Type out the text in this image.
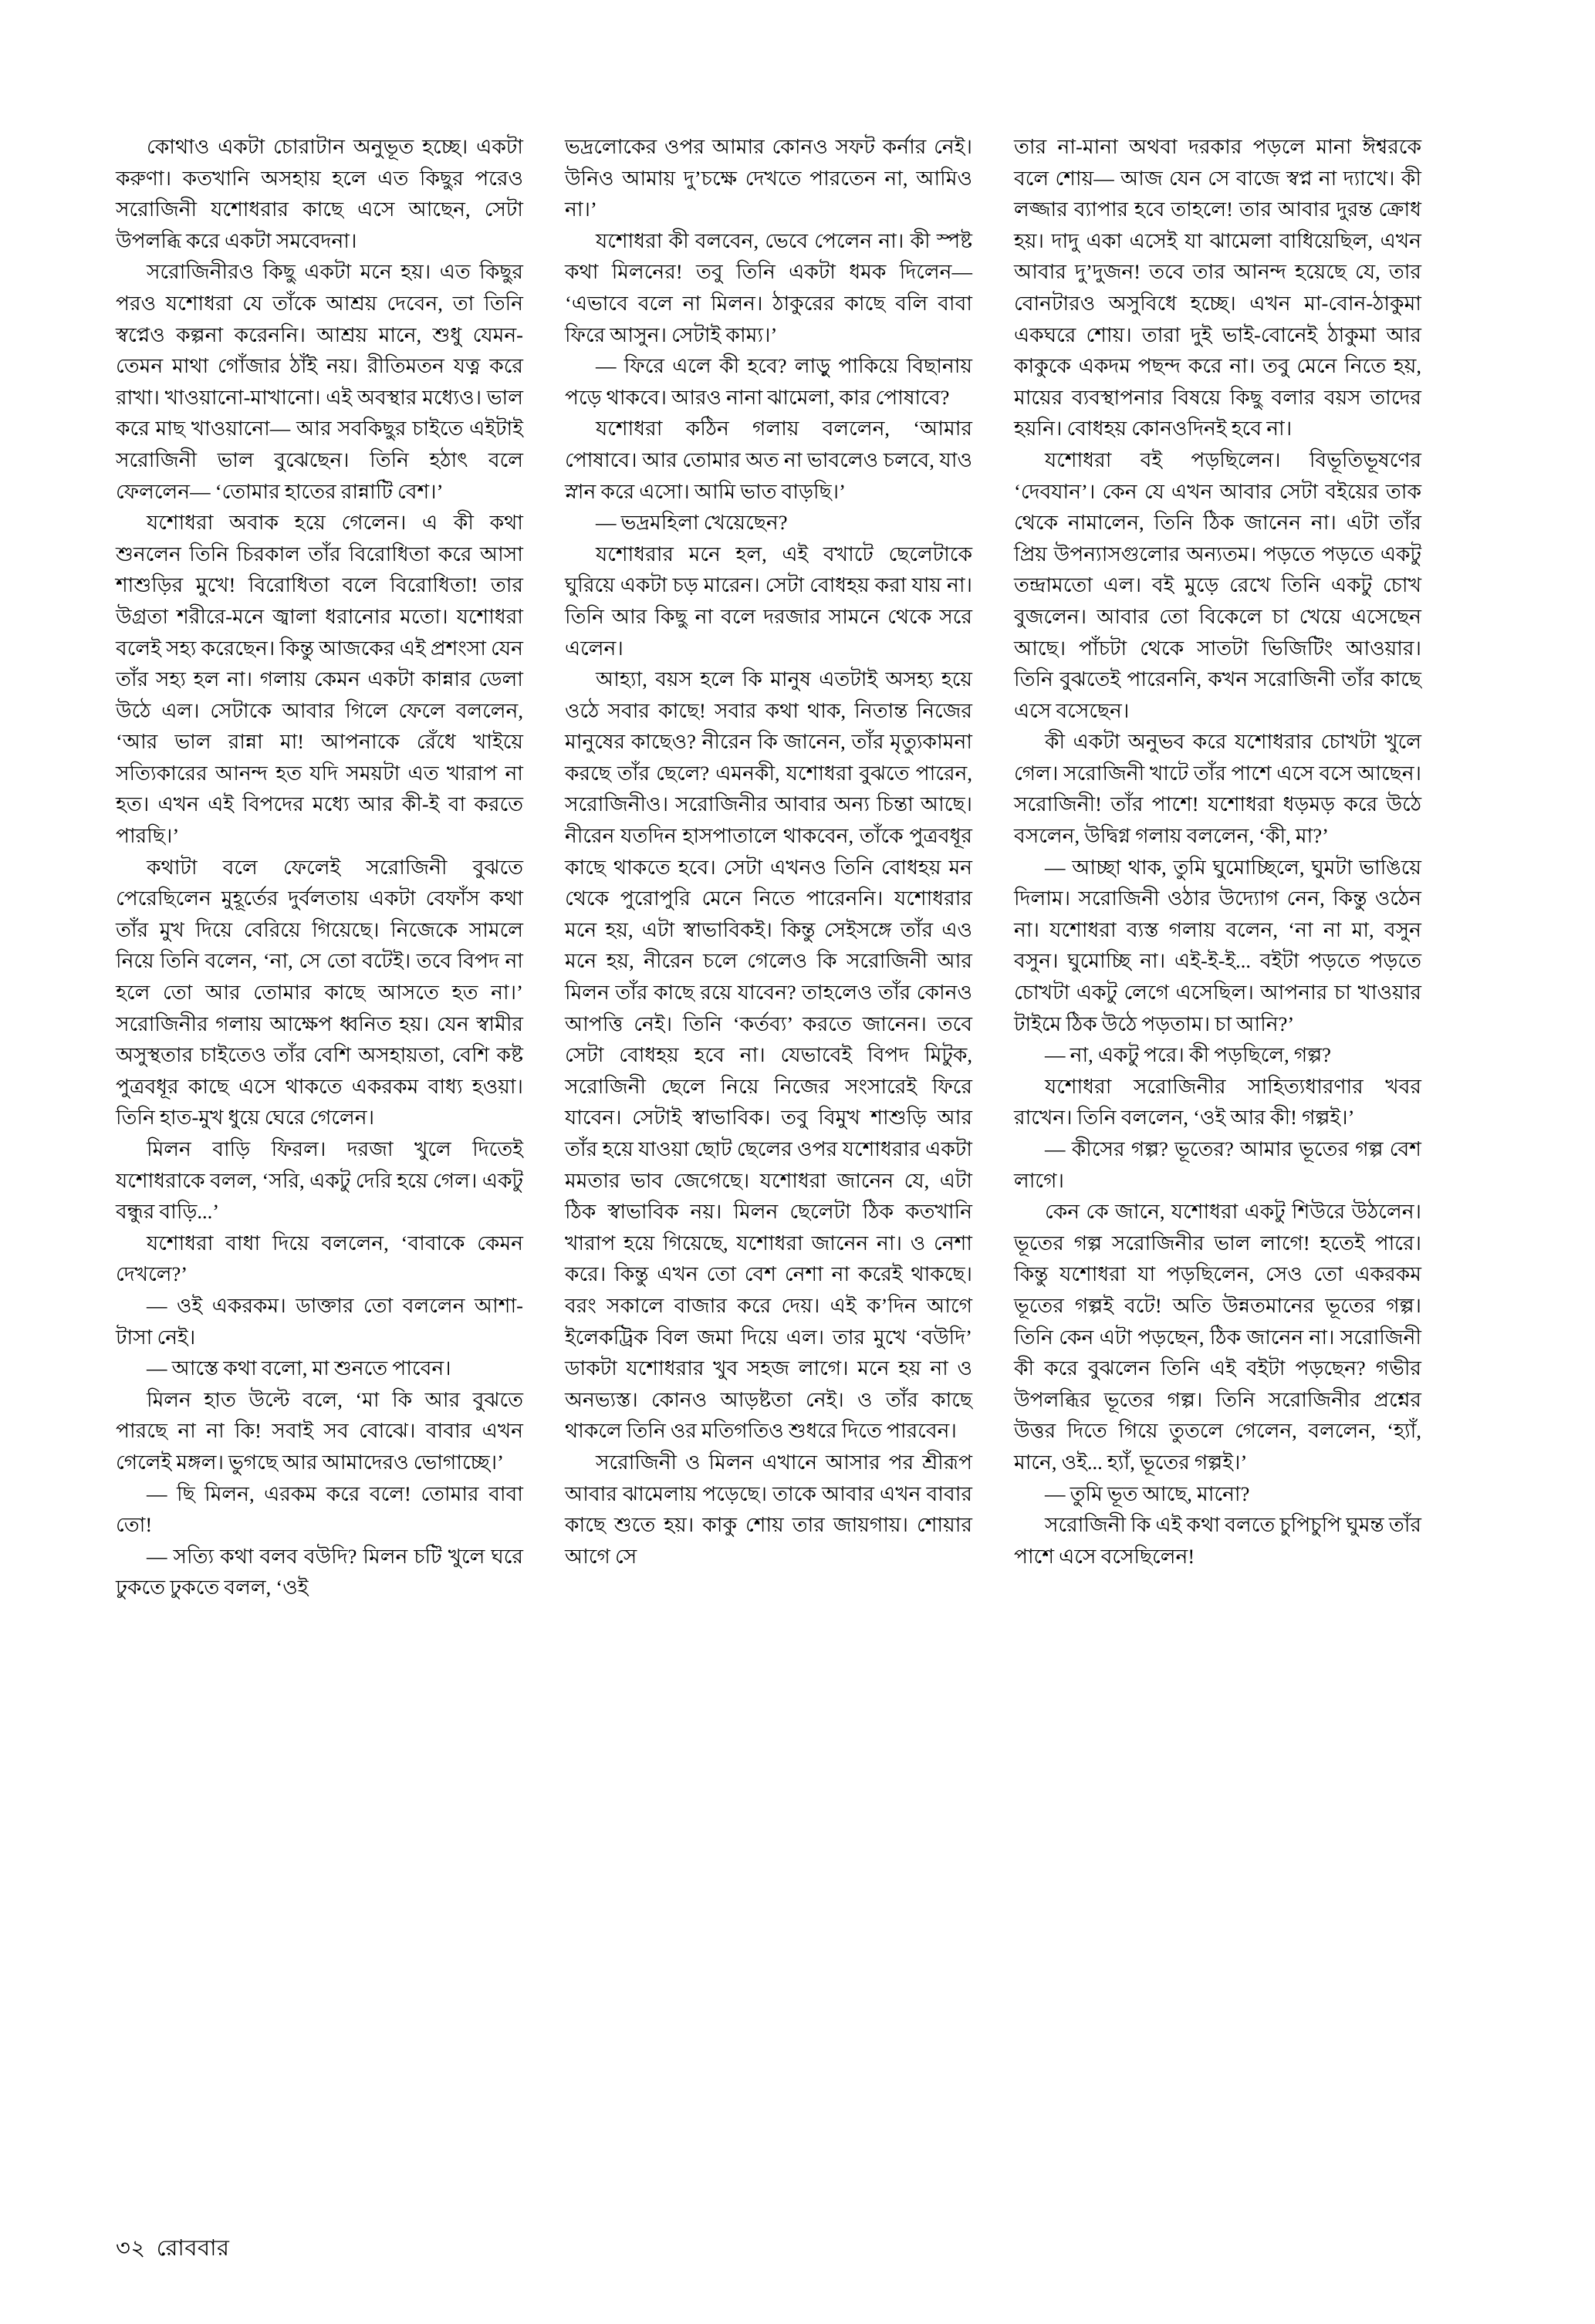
কোথাও একটা চোরাটান অনুভূত হচ্ছে। একটা করুণা। কতখানি অসহায় হলে এত কিছুর পরেও সরোজিনী যশোধরার কাছে এসে আছেন, সেটা উপলব্ধি করে একটা সমবেদনা।

সরোজিনীরও কিছু একটা মনে হয়। এত কিছুর পরও যশোধরা যে তাঁকে আশ্রয় দেবেন, তা তিনি স্বপ্নেও কল্পনা করেননি। আশ্রয় মানে, শুধু যেমন-তেমন মাথা গোঁজার ঠাঁই নয়। রীতিমতন যত্ন করে রাখা। খাওয়ানো-মাখানো। এই অবস্থার মধ্যেও। ভাল করে মাছ খাওয়ানো— আর সবকিছুর চাইতে এইটাই সরোজিনী ভাল বুঝেছেন। তিনি হঠাৎ বলে ফেললেন— ‘তোমার হাতের রান্নাটি বেশ।’

যশোধরা অবাক হয়ে গেলেন। এ কী কথা শুনলেন তিনি চিরকাল তাঁর বিরোধিতা করে আসা শাশুড়ির মুখে! বিরোধিতা বলে বিরোধিতা! তার উগ্রতা শরীরে-মনে জ্বালা ধরানোর মতো। যশোধরা বলেই সহ্য করেছেন। কিন্তু আজকের এই প্রশংসা যেন তাঁর সহ্য হল না। গলায় কেমন একটা কান্নার ডেলা উঠে এল। সেটাকে আবার গিলে ফেলে বললেন, ‘আর ভাল রান্না মা! আপনাকে রেঁধে খাইয়ে সত্যিকারের আনন্দ হত যদি সময়টা এত খারাপ না হত। এখন এই বিপদের মধ্যে আর কী-ই বা করতে পারছি।’

কথাটা বলে ফেলেই সরোজিনী বুঝতে পেরেছিলেন মুহূর্তের দুর্বলতায় একটা বেফাঁস কথা তাঁর মুখ দিয়ে বেরিয়ে গিয়েছে। নিজেকে সামলে নিয়ে তিনি বলেন, ‘না, সে তো বটেই। তবে বিপদ না হলে তো আর তোমার কাছে আসতে হত না।’ সরোজিনীর গলায় আক্ষেপ ধ্বনিত হয়। যেন স্বামীর অসুস্থতার চাইতেও তাঁর বেশি অসহায়তা, বেশি কষ্ট পুত্রবধূর কাছে এসে থাকতে একরকম বাধ্য হওয়া। তিনি হাত-মুখ ধুয়ে ঘেরে গেলেন।

মিলন বাড়ি ফিরল। দরজা খুলে দিতেই যশোধরাকে বলল, ‘সরি, একটু দেরি হয়ে গেল। একটু বন্ধুর বাড়ি...’

যশোধরা বাধা দিয়ে বললেন, ‘বাবাকে কেমন দেখলে?’

— ওই একরকম। ডাক্তার তো বললেন আশা-টাসা নেই।

— আস্তে কথা বলো, মা শুনতে পাবেন।

মিলন হাত উল্টে বলে, ‘মা কি আর বুঝতে পারছে না না কি! সবাই সব বোঝে। বাবার এখন গেলেই মঙ্গল। ভুগছে আর আমাদেরও ভোগাচ্ছে।’

— ছি মিলন, এরকম করে বলে! তোমার বাবা তো!

— সত্যি কথা বলব বউদি? মিলন চটি খুলে ঘরে ঢুকতে ঢুকতে বলল, ‘ওই

ভদ্রলোকের ওপর আমার কোনও সফট কর্নার নেই। উনিও আমায় দু’চক্ষে দেখতে পারতেন না, আমিও না।’

যশোধরা কী বলবেন, ভেবে পেলেন না। কী স্পষ্ট কথা মিলনের! তবু তিনি একটা ধমক দিলেন— ‘এভাবে বলে না মিলন। ঠাকুরের কাছে বলি বাবা ফিরে আসুন। সেটাই কাম্য।’

— ফিরে এলে কী হবে? লাড়ু পাকিয়ে বিছানায় পড়ে থাকবে। আরও নানা ঝামেলা, কার পোষাবে?

যশোধরা কঠিন গলায় বললেন, ‘আমার পোষাবে। আর তোমার অত না ভাবলেও চলবে, যাও স্নান করে এসো। আমি ভাত বাড়ছি।’

— ভদ্রমহিলা খেয়েছেন?

যশোধরার মনে হল, এই বখাটে ছেলেটাকে ঘুরিয়ে একটা চড় মারেন। সেটা বোধহয় করা যায় না। তিনি আর কিছু না বলে দরজার সামনে থেকে সরে এলেন।

আহ্যা, বয়স হলে কি মানুষ এতটাই অসহ্য হয়ে ওঠে সবার কাছে! সবার কথা থাক, নিতান্ত নিজের মানুষের কাছেও? নীরেন কি জানেন, তাঁর মৃত্যুকামনা করছে তাঁর ছেলে? এমনকী, যশোধরা বুঝতে পারেন, সরোজিনীও। সরোজিনীর আবার অন্য চিন্তা আছে। নীরেন যতদিন হাসপাতালে থাকবেন, তাঁকে পুত্রবধূর কাছে থাকতে হবে। সেটা এখনও তিনি বোধহয় মন থেকে পুরোপুরি মেনে নিতে পারেননি। যশোধরার মনে হয়, এটা স্বাভাবিকই। কিন্তু সেইসঙ্গে তাঁর এও মনে হয়, নীরেন চলে গেলেও কি সরোজিনী আর মিলন তাঁর কাছে রয়ে যাবেন? তাহলেও তাঁর কোনও আপত্তি নেই। তিনি ‘কর্তব্য’ করতে জানেন। তবে সেটা বোধহয় হবে না। যেভাবেই বিপদ মিটুক, সরোজিনী ছেলে নিয়ে নিজের সংসারেই ফিরে যাবেন। সেটাই স্বাভাবিক। তবু বিমুখ শাশুড়ি আর তাঁর হয়ে যাওয়া ছোট ছেলের ওপর যশোধরার একটা মমতার ভাব জেগেছে। যশোধরা জানেন যে, এটা ঠিক স্বাভাবিক নয়। মিলন ছেলেটা ঠিক কতখানি খারাপ হয়ে গিয়েছে, যশোধরা জানেন না। ও নেশা করে। কিন্তু এখন তো বেশ নেশা না করেই থাকছে। বরং সকালে বাজার করে দেয়। এই ক’দিন আগে ইলেকট্রিক বিল জমা দিয়ে এল। তার মুখে ‘বউদি’ ডাকটা যশোধরার খুব সহজ লাগে। মনে হয় না ও অনভ্যস্ত। কোনও আড়ষ্টতা নেই। ও তাঁর কাছে থাকলে তিনি ওর মতিগতিও শুধরে দিতে পারবেন।

সরোজিনী ও মিলন এখানে আসার পর শ্রীরূপ আবার ঝামেলায় পড়েছে। তাকে আবার এখন বাবার কাছে শুতে হয়। কাকু শোয় তার জায়গায়। শোয়ার আগে সে

তার না-মানা অথবা দরকার পড়লে মানা ঈশ্বরকে বলে শোয়— আজ যেন সে বাজে স্বপ্ন না দ্যাখে। কী লজ্জার ব্যাপার হবে তাহলে! তার আবার দুরন্ত ক্রোধ হয়। দাদু একা এসেই যা ঝামেলা বাধিয়েছিল, এখন আবার দু’দুজন! তবে তার আনন্দ হয়েছে যে, তার বোনটারও অসুবিধে হচ্ছে। এখন মা-বোন-ঠাকুমা একঘরে শোয়। তারা দুই ভাই-বোনেই ঠাকুমা আর কাকুকে একদম পছন্দ করে না। তবু মেনে নিতে হয়, মায়ের ব্যবস্থাপনার বিষয়ে কিছু বলার বয়স তাদের হয়নি। বোধহয় কোনওদিনই হবে না।

যশোধরা বই পড়ছিলেন। বিভূতিভূষণের ‘দেবযান’। কেন যে এখন আবার সেটা বইয়ের তাক থেকে নামালেন, তিনি ঠিক জানেন না। এটা তাঁর প্রিয় উপন্যাসগুলোর অন্যতম। পড়তে পড়তে একটু তন্দ্রামতো এল। বই মুড়ে রেখে তিনি একটু চোখ বুজলেন। আবার তো বিকেলে চা খেয়ে এসেছেন আছে। পাঁচটা থেকে সাতটা ভিজিটিং আওয়ার। তিনি বুঝতেই পারেননি, কখন সরোজিনী তাঁর কাছে এসে বসেছেন।

কী একটা অনুভব করে যশোধরার চোখটা খুলে গেল। সরোজিনী খাটে তাঁর পাশে এসে বসে আছেন। সরোজিনী! তাঁর পাশে! যশোধরা ধড়মড় করে উঠে বসলেন, উদ্বিগ্ন গলায় বললেন, ‘কী, মা?’

— আচ্ছা থাক, তুমি ঘুমোচ্ছিলে, ঘুমটা ভাঙিয়ে দিলাম। সরোজিনী ওঠার উদ্যোগ নেন, কিন্তু ওঠেন না। যশোধরা ব্যস্ত গলায় বলেন, ‘না না মা, বসুন বসুন। ঘুমোচ্ছি না। এই-ই-ই... বইটা পড়তে পড়তে চোখটা একটু লেগে এসেছিল। আপনার চা খাওয়ার টাইমে ঠিক উঠে পড়তাম। চা আনি?’

— না, একটু পরে। কী পড়ছিলে, গল্প?

যশোধরা সরোজিনীর সাহিত্যধারণার খবর রাখেন। তিনি বললেন, ‘ওই আর কী! গল্পই।’

— কীসের গল্প? ভূতের? আমার ভূতের গল্প বেশ লাগে।

কেন কে জানে, যশোধরা একটু শিউরে উঠলেন। ভূতের গল্প সরোজিনীর ভাল লাগে! হতেই পারে। কিন্তু যশোধরা যা পড়ছিলেন, সেও তো একরকম ভূতের গল্পই বটে! অতি উন্নতমানের ভূতের গল্প। তিনি কেন এটা পড়ছেন, ঠিক জানেন না। সরোজিনী কী করে বুঝলেন তিনি এই বইটা পড়ছেন? গভীর উপলব্ধির ভূতের গল্প। তিনি সরোজিনীর প্রশ্নের উত্তর দিতে গিয়ে তুতলে গেলেন, বললেন, ‘হ্যাঁ, মানে, ওই... হ্যাঁ, ভূতের গল্পই।’

— তুমি ভূত আছে, মানো?

সরোজিনী কি এই কথা বলতে চুপিচুপি ঘুমন্ত তাঁর পাশে এসে বসেছিলেন!

৩২ রোববার
